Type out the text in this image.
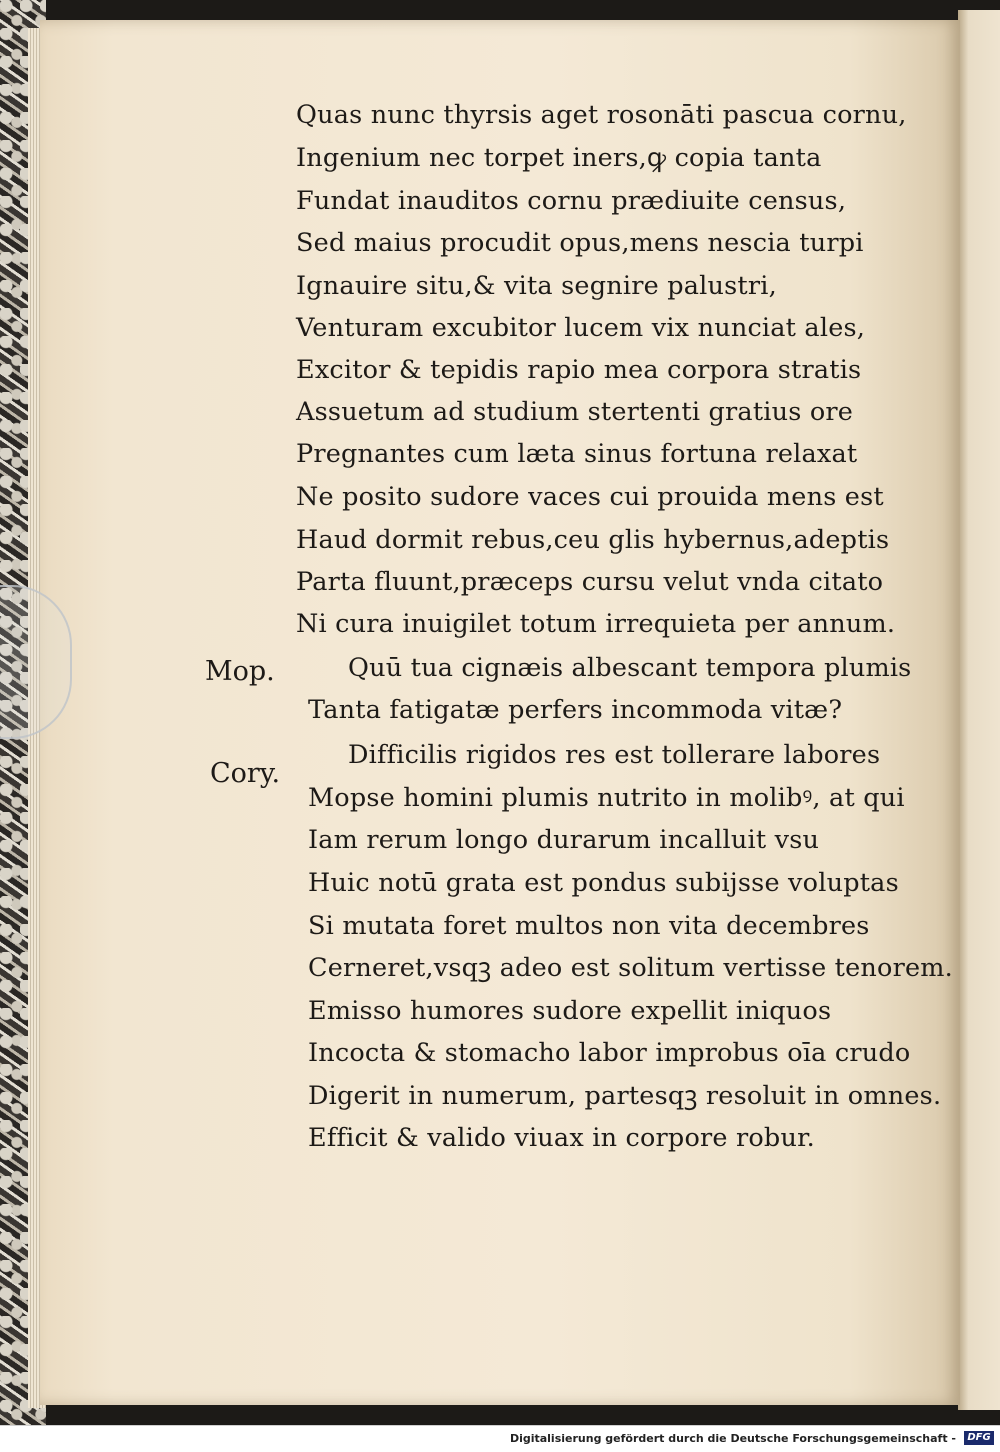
Mop.
Cory.
Quas nunc thyrsis aget rosonāti pascua cornu,
Ingenium nec torpet iners,ꝙ copia tanta
Fundat inauditos cornu prædiuite census,
Sed maius procudit opus,mens nescia turpi
Ignauire situ,& vita segnire palustri,
Venturam excubitor lucem vix nunciat ales,
Excitor & tepidis rapio mea corpora stratis
Assuetum ad studium stertenti gratius ore
Pregnantes cum læta sinus fortuna relaxat
Ne posito sudore vaces cui prouida mens est
Haud dormit rebus,ceu glis hybernus,adeptis
Parta fluunt,præceps cursu velut vnda citato
Ni cura inuigilet totum irrequieta per annum.
Quū tua cignæis albescant tempora plumis
Tanta fatigatæ perfers incommoda vitæ?
Difficilis rigidos res est tollerare labores
Mopse homini plumis nutrito in molibꝰ, at qui
Iam rerum longo durarum incalluit vsu
Huic notū grata est pondus subijsse voluptas
Si mutata foret multos non vita decembres
Cerneret,vsqꝫ adeo est solitum vertisse tenorem.
Emisso humores sudore expellit iniquos
Incocta & stomacho labor improbus oīa crudo
Digerit in numerum, partesqꝫ resoluit in omnes.
Efficit & valido viuax in corpore robur.
Digitalisierung gefördert durch die Deutsche Forschungsgemeinschaft -	DFG
